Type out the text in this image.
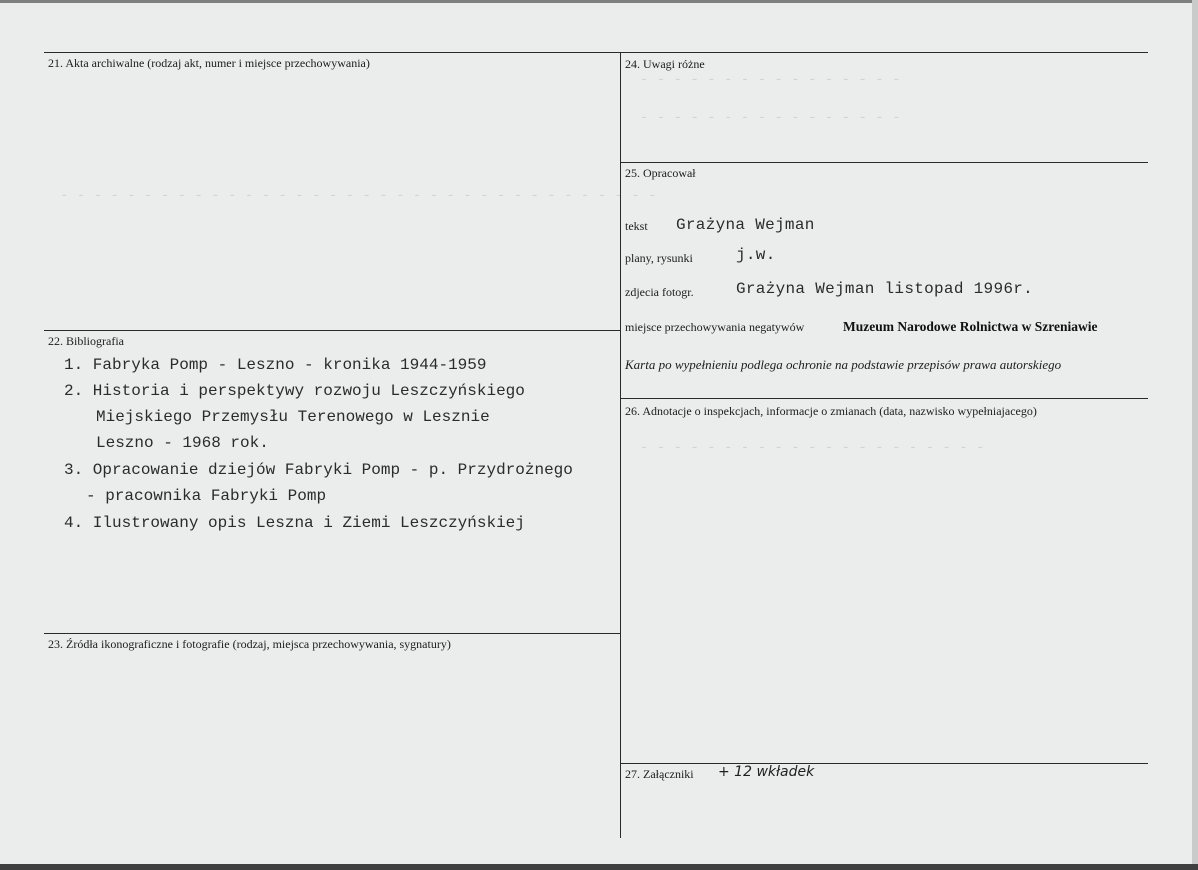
- - - - - - - - - - - - - - - -
- - - - - - - - - - - - - - - -
- - - - - - - - - - - - - - - - - - - - - - - - - - - - - - - - - - - -
- - - - - - - - - - - - - - - - - - - - -
21. Akta archiwalne (rodzaj akt, numer i miejsce przechowywania)
22. Bibliografia
1. Fabryka Pomp - Leszno - kronika 1944-1959
2. Historia i perspektywy rozwoju Leszczyńskiego
Miejskiego Przemysłu Terenowego w Lesznie
Leszno - 1968 rok.
3. Opracowanie dziejów Fabryki Pomp - p. Przydrożnego
- pracownika Fabryki Pomp
4. Ilustrowany opis Leszna i Ziemi Leszczyńskiej
23. Źródła ikonograficzne i fotografie (rodzaj, miejsca przechowywania, sygnatury)
24. Uwagi różne
25. Opracował
tekst Grażyna Wejman
plany, rysunki	j.w.
zdjecia fotogr.	Grażyna Wejman listopad 1996r.
miejsce przechowywania negatywów	Muzeum Narodowe Rolnictwa w Szreniawie
Karta po wypełnieniu podlega ochronie na podstawie przepisów prawa autorskiego
26. Adnotacje o inspekcjach, informacje o zmianach (data, nazwisko wypełniajacego)
27. Załączniki + 12 wkładek
